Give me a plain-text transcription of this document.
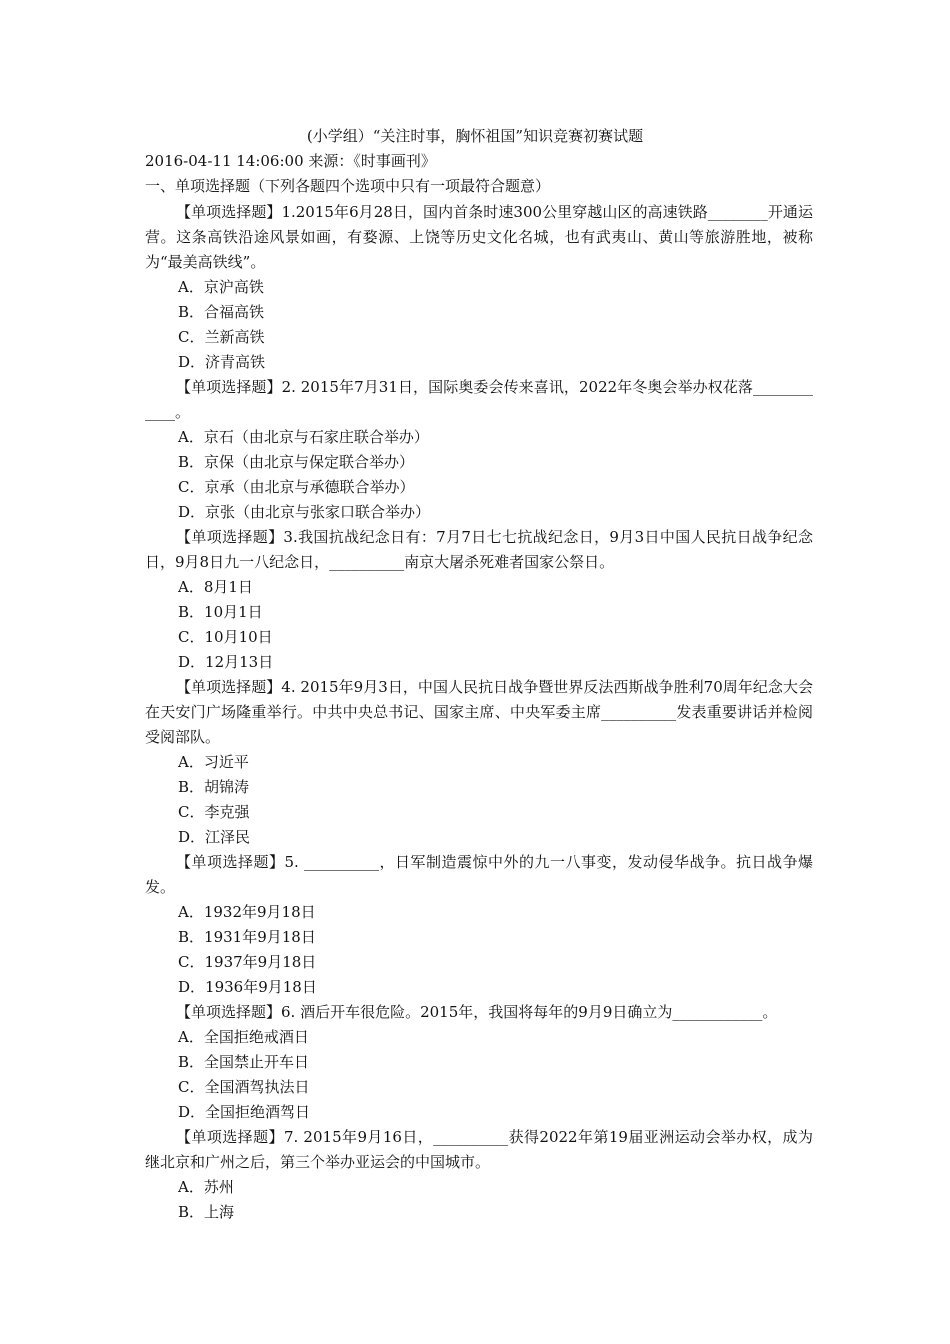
(小学组）“关注时事，胸怀祖国”知识竞赛初赛试题
2016-04-11 14:06:00 来源：《时事画刊》
一、单项选择题（下列各题四个选项中只有一项最符合题意）

【单项选择题】1.2015年6月28日，国内首条时速300公里穿越山区的高速铁路________开通运营。这条高铁沿途风景如画，有婺源、上饶等历史文化名城，也有武夷山、黄山等旅游胜地，被称为“最美高铁线”。

A．京沪高铁

B．合福高铁

C．兰新高铁

D．济青高铁

【单项选择题】2. 2015年7月31日，国际奥委会传来喜讯，2022年冬奥会举办权花落____________。

A．京石（由北京与石家庄联合举办）

B．京保（由北京与保定联合举办）

C．京承（由北京与承德联合举办）

D．京张（由北京与张家口联合举办）

【单项选择题】3.我国抗战纪念日有：7月7日七七抗战纪念日，9月3日中国人民抗日战争纪念日，9月8日九一八纪念日，__________南京大屠杀死难者国家公祭日。

A．8月1日

B．10月1日

C．10月10日

D．12月13日

【单项选择题】4. 2015年9月3日，中国人民抗日战争暨世界反法西斯战争胜利70周年纪念大会在天安门广场隆重举行。中共中央总书记、国家主席、中央军委主席__________发表重要讲话并检阅受阅部队。

A．习近平

B．胡锦涛

C．李克强

D．江泽民

【单项选择题】5. __________，日军制造震惊中外的九一八事变，发动侵华战争。抗日战争爆发。

A．1932年9月18日

B．1931年9月18日

C．1937年9月18日

D．1936年9月18日

【单项选择题】6. 酒后开车很危险。2015年，我国将每年的9月9日确立为____________。

A．全国拒绝戒酒日

B．全国禁止开车日

C．全国酒驾执法日

D．全国拒绝酒驾日

【单项选择题】7. 2015年9月16日，__________获得2022年第19届亚洲运动会举办权，成为继北京和广州之后，第三个举办亚运会的中国城市。

A．苏州

B．上海
